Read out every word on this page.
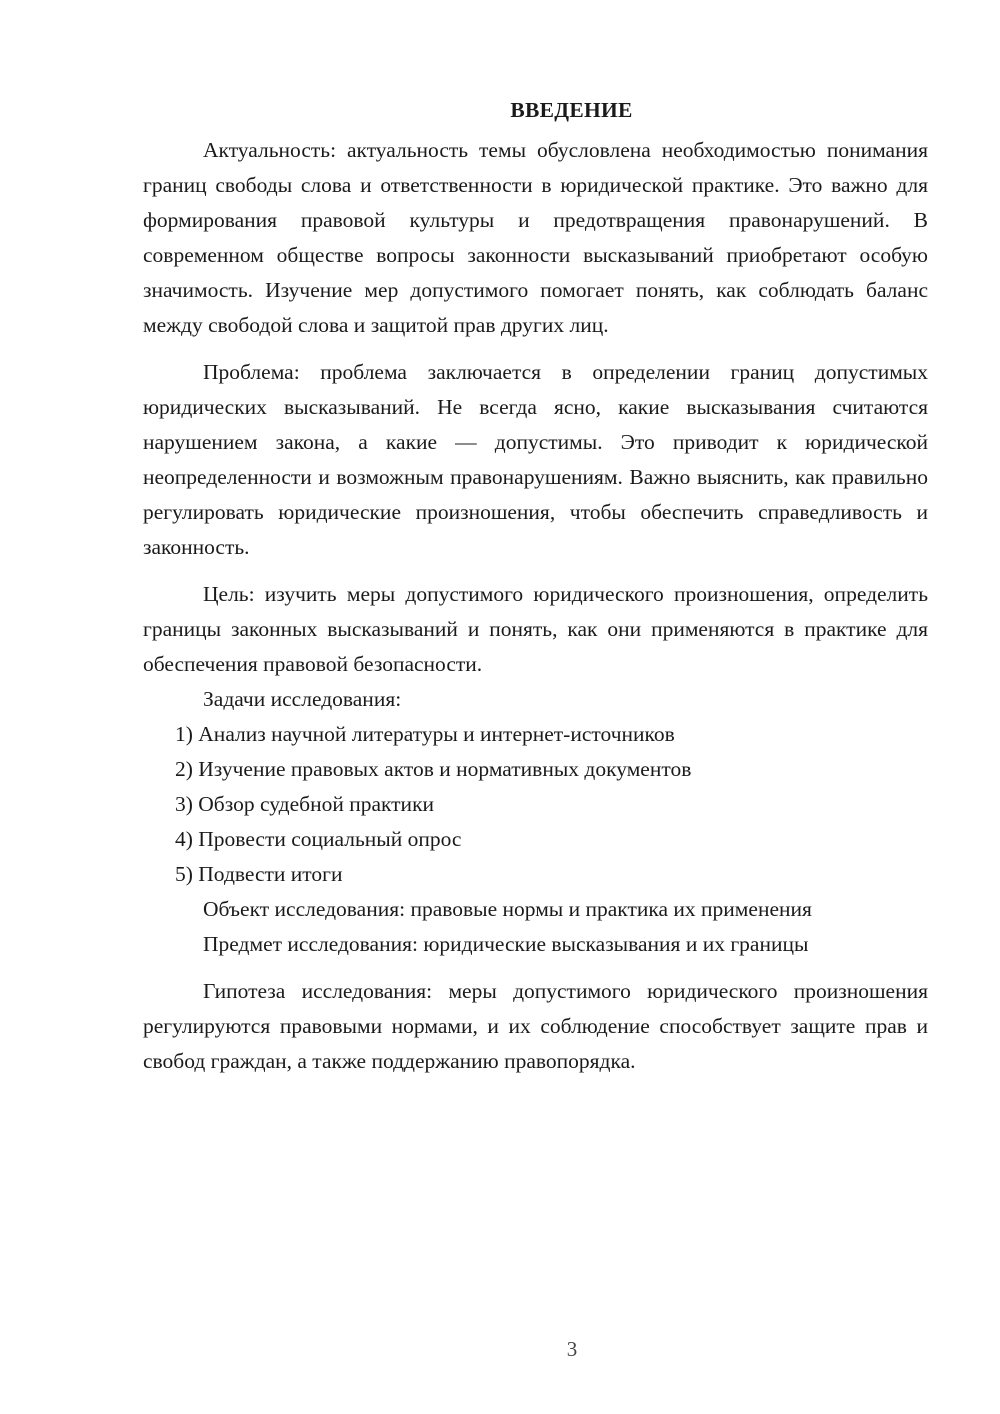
ВВЕДЕНИЕ

Актуальность: актуальность темы обусловлена необходимостью понимания границ свободы слова и ответственности в юридической практике. Это важно для формирования правовой культуры и предотвращения правонарушений. В современном обществе вопросы законности высказываний приобретают особую значимость. Изучение мер допустимого помогает понять, как соблюдать баланс между свободой слова и защитой прав других лиц.

Проблема: проблема заключается в определении границ допустимых юридических высказываний. Не всегда ясно, какие высказывания считаются нарушением закона, а какие — допустимы. Это приводит к юридической неопределенности и возможным правонарушениям. Важно выяснить, как правильно регулировать юридические произношения, чтобы обеспечить справедливость и законность.

Цель: изучить меры допустимого юридического произношения, определить границы законных высказываний и понять, как они применяются в практике для обеспечения правовой безопасности.

Задачи исследования:

1) Анализ научной литературы и интернет-источников

2) Изучение правовых актов и нормативных документов

3) Обзор судебной практики

4) Провести социальный опрос

5) Подвести итоги

Объект исследования: правовые нормы и практика их применения

Предмет исследования: юридические высказывания и их границы

Гипотеза исследования: меры допустимого юридического произношения регулируются правовыми нормами, и их соблюдение способствует защите прав и свобод граждан, а также поддержанию правопорядка.

3
